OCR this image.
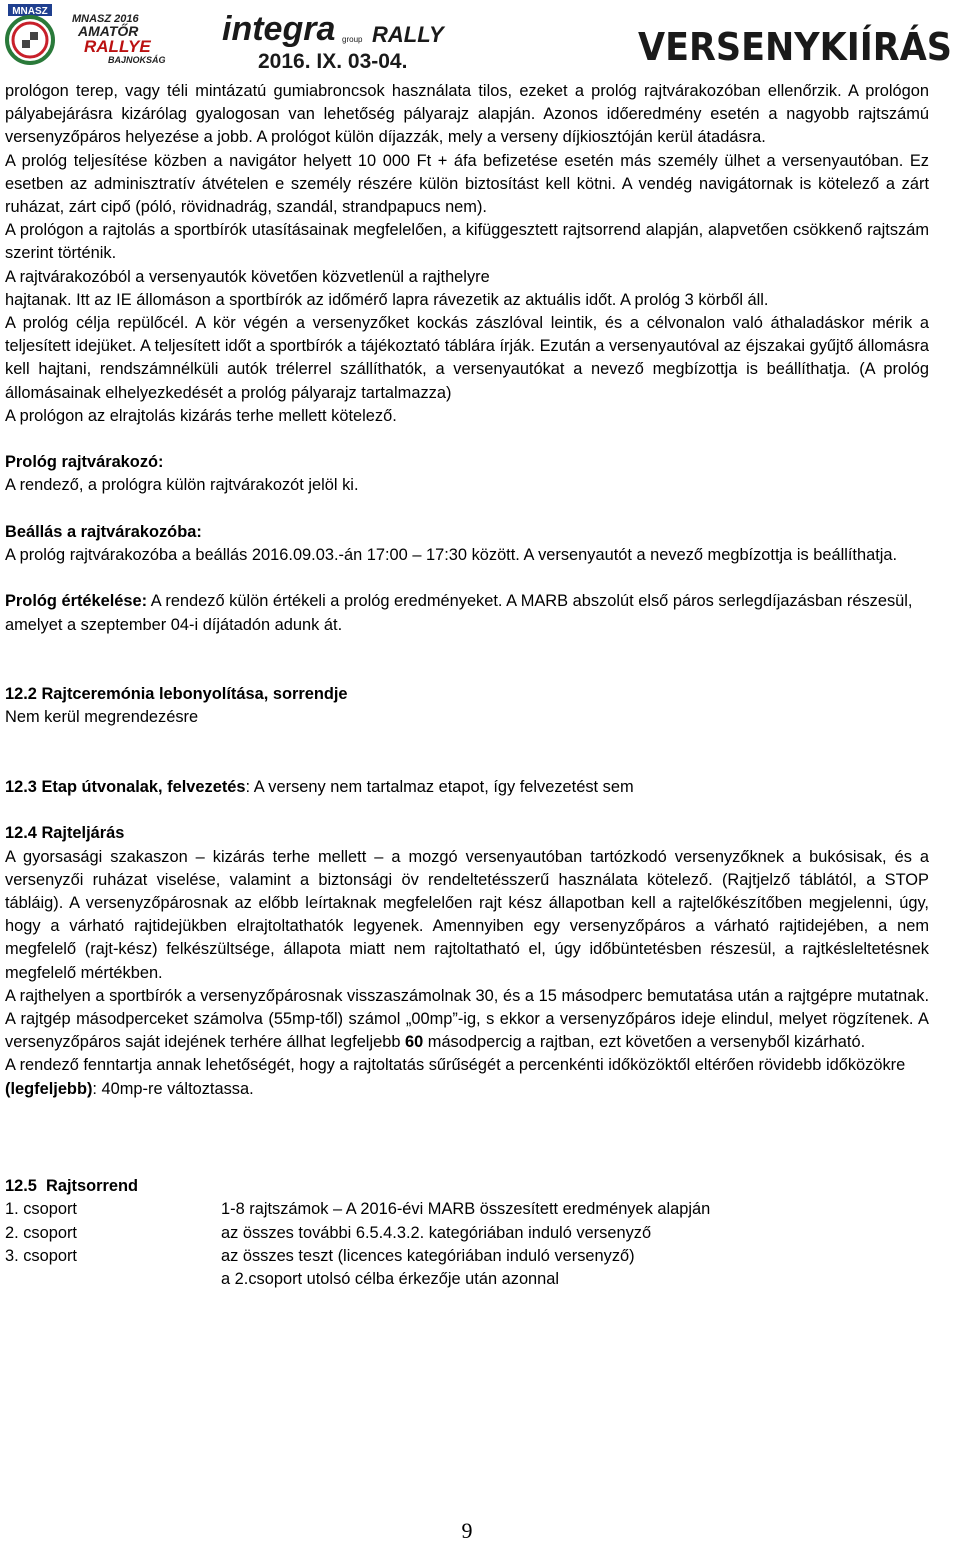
MNASZ
MNASZ 2016
AMATŐR
RALLYE
BAJNOKSÁG
integra group RALLY
2016. IX. 03-04.	VERSENYKIÍRÁS

prológon terep, vagy téli mintázatú gumiabroncsok használata tilos, ezeket a prológ rajtvárakozóban ellenőrzik. A prológon pályabejárásra kizárólag gyalogosan van lehetőség pályarajz alapján. Azonos időeredmény esetén a nagyobb rajtszámú versenyzőpáros helyezése a jobb. A prológot külön díjazzák, mely a verseny díjkiosztóján kerül átadásra.

A prológ teljesítése közben a navigátor helyett 10 000 Ft + áfa befizetése esetén más személy ülhet a versenyautóban. Ez esetben az adminisztratív átvételen e személy részére külön biztosítást kell kötni. A vendég navigátornak is kötelező a zárt ruházat, zárt cipő (póló, rövidnadrág, szandál, strandpapucs nem).

A prológon a rajtolás a sportbírók utasításainak megfelelően, a kifüggesztett rajtsorrend alapján, alapvetően csökkenő rajtszám szerint történik.

A rajtvárakozóból a versenyautók követően közvetlenül a rajthelyre

hajtanak. Itt az IE állomáson a sportbírók az időmérő lapra rávezetik az aktuális időt. A prológ 3 körből áll.

A prológ célja repülőcél. A kör végén a versenyzőket kockás zászlóval leintik, és a célvonalon való áthaladáskor mérik a teljesített idejüket. A teljesített időt a sportbírók a tájékoztató táblára írják. Ezután a versenyautóval az éjszakai gyűjtő állomásra kell hajtani, rendszámnélküli autók trélerrel szállíthatók, a versenyautókat a nevező megbízottja is beállíthatja. (A prológ állomásainak elhelyezkedését a prológ pályarajz tartalmazza)

A prológon az elrajtolás kizárás terhe mellett kötelező.

Prológ rajtvárakozó:

A rendező, a prológra külön rajtvárakozót jelöl ki.

Beállás a rajtvárakozóba:

A prológ rajtvárakozóba a beállás 2016.09.03.-án 17:00 – 17:30 között. A versenyautót a nevező megbízottja is beállíthatja.

Prológ értékelése: A rendező külön értékeli a prológ eredményeket. A MARB abszolút első páros serlegdíjazásban részesül, amelyet a szeptember 04-i díjátadón adunk át.

12.2 Rajtceremónia lebonyolítása, sorrendje

Nem kerül megrendezésre

12.3 Etap útvonalak, felvezetés: A verseny nem tartalmaz etapot, így felvezetést sem

12.4 Rajteljárás

A gyorsasági szakaszon – kizárás terhe mellett – a mozgó versenyautóban tartózkodó versenyzőknek a bukósisak, és a versenyzői ruházat viselése, valamint a biztonsági öv rendeltetésszerű használata kötelező. (Rajtjelző táblától, a STOP tábláig). A versenyzőpárosnak az előbb leírtaknak megfelelően rajt kész állapotban kell a rajtelőkészítőben megjelenni, úgy, hogy a várható rajtidejükben elrajtoltathatók legyenek. Amennyiben egy versenyzőpáros a várható rajtidejében, a nem megfelelő (rajt-kész) felkészültsége, állapota miatt nem rajtoltatható el, úgy időbüntetésben részesül, a rajtkésleltetésnek megfelelő mértékben.

A rajthelyen a sportbírók a versenyzőpárosnak visszaszámolnak 30, és a 15 másodperc bemutatása után a rajtgépre mutatnak. A rajtgép másodperceket számolva (55mp-től) számol „00mp”-ig, s ekkor a versenyzőpáros ideje elindul, melyet rögzítenek. A versenyzőpáros saját idejének terhére állhat legfeljebb 60 másodpercig a rajtban, ezt követően a versenyből kizárható.

A rendező fenntartja annak lehetőségét, hogy a rajtoltatás sűrűségét a percenkénti időközöktől eltérően rövidebb időközökre (legfeljebb): 40mp-re változtassa.

12.5  Rajtsorrend

1. csoport	1-8 rajtszámok – A 2016-évi MARB összesített eredmények alapján
2. csoport	az összes további 6.5.4.3.2. kategóriában induló versenyző
3. csoport	az összes teszt (licences kategóriában induló versenyző)
a 2.csoport utolsó célba érkezője után azonnal
9
